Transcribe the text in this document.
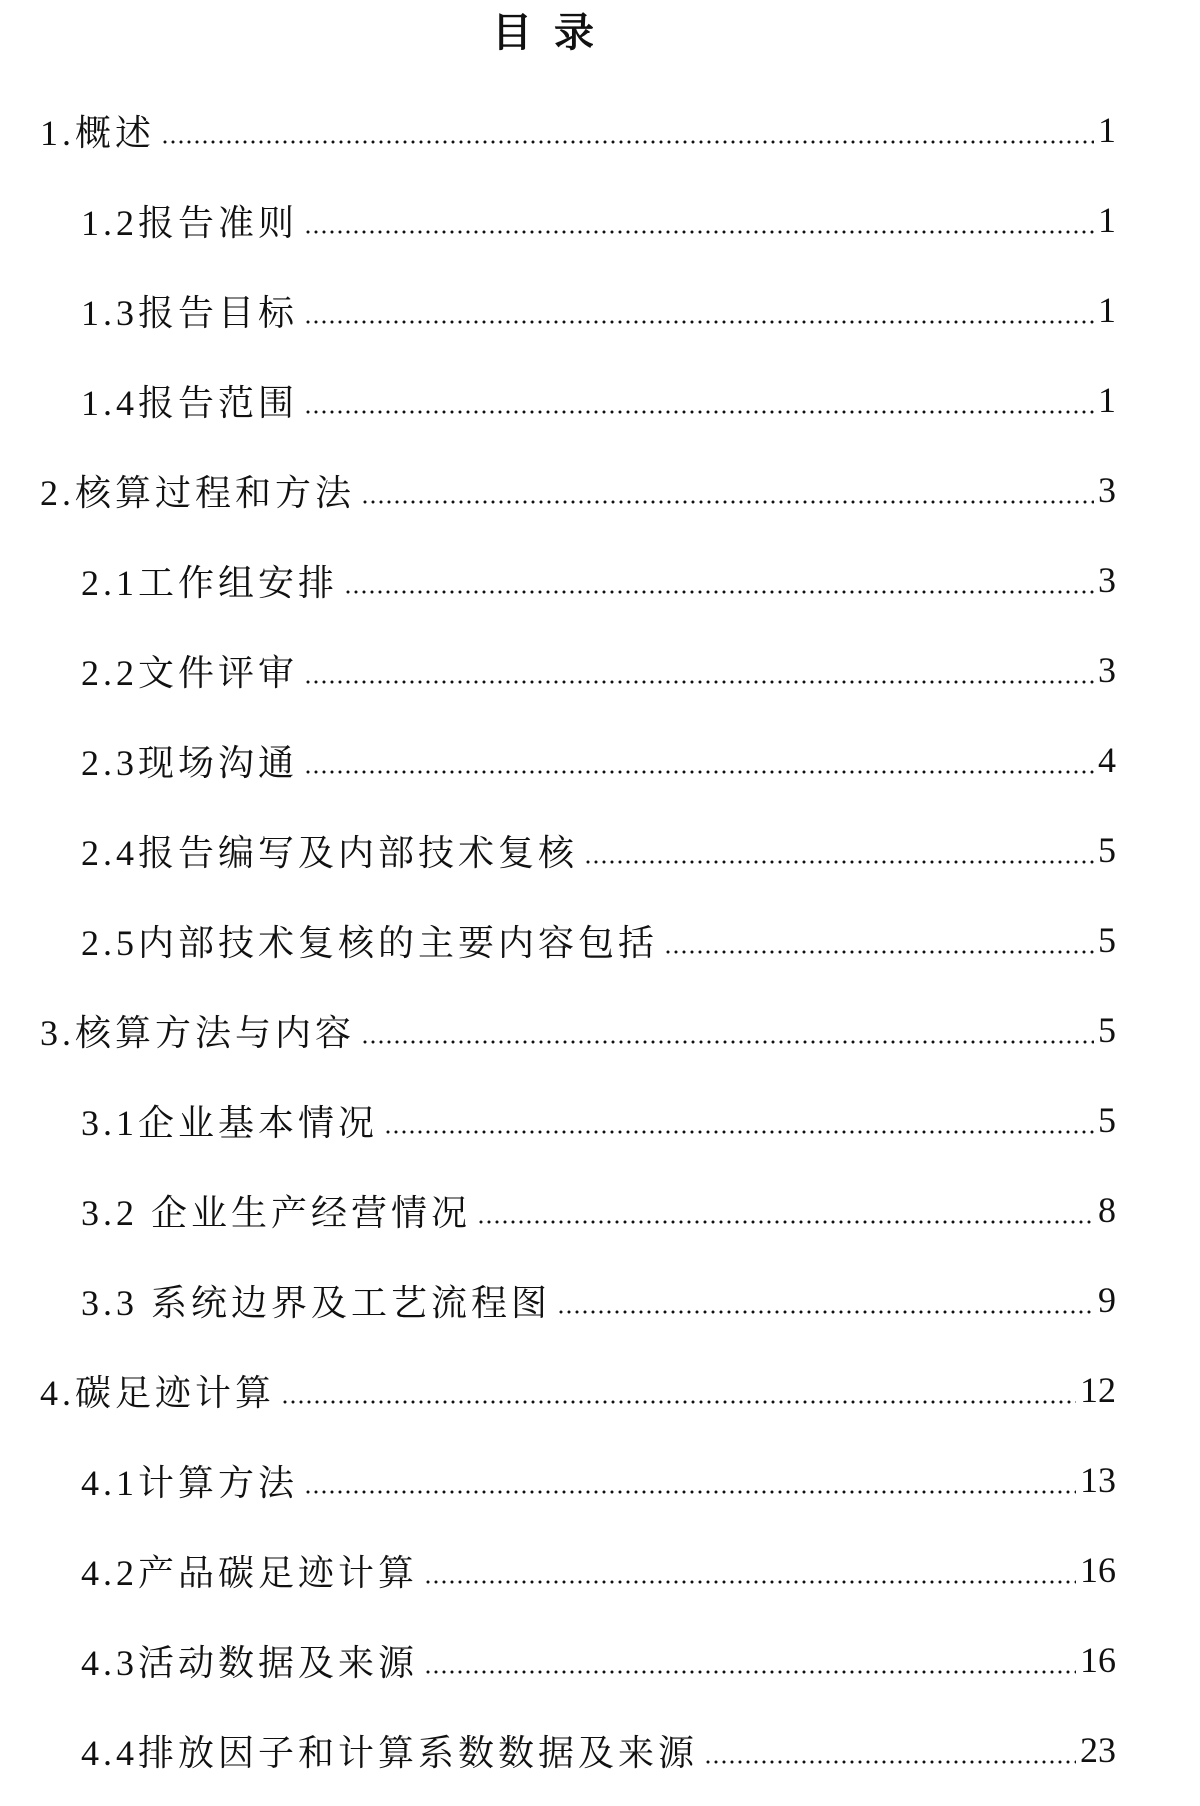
目 录
1.概述	1
1.2报告准则	1
1.3报告目标	1
1.4报告范围	1
2.核算过程和方法	3
2.1工作组安排	3
2.2文件评审	3
2.3现场沟通	4
2.4报告编写及内部技术复核	5
2.5内部技术复核的主要内容包括	5
3.核算方法与内容	5
3.1企业基本情况	5
3.2 企业生产经营情况	8
3.3 系统边界及工艺流程图	9
4.碳足迹计算	12
4.1计算方法	13
4.2产品碳足迹计算	16
4.3活动数据及来源	16
4.4排放因子和计算系数数据及来源	23
